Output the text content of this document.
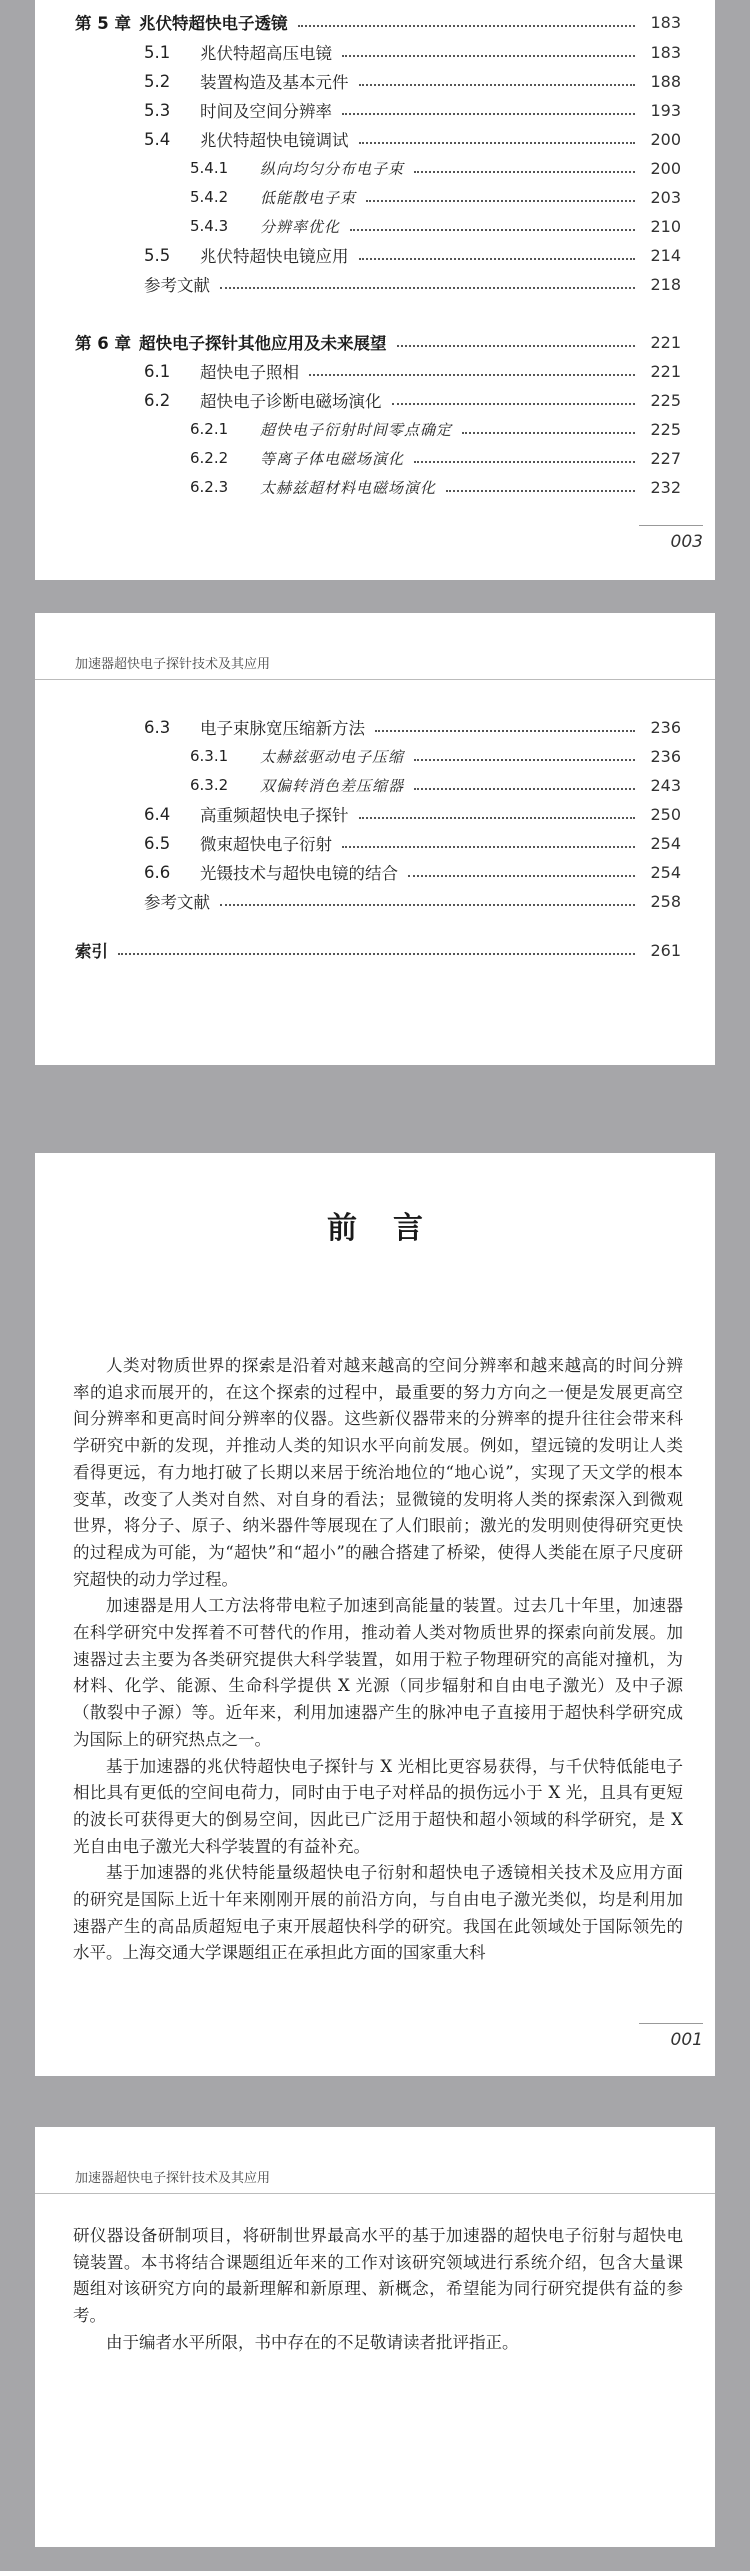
第 5 章 兆伏特超快电子透镜	183
5.1	兆伏特超高压电镜	183
5.2	装置构造及基本元件	188
5.3	时间及空间分辨率	193
5.4	兆伏特超快电镜调试	200
5.4.1	纵向均匀分布电子束	200
5.4.2	低能散电子束	203
5.4.3	分辨率优化	210
5.5	兆伏特超快电镜应用	214
参考文献	218
第 6 章 超快电子探针其他应用及未来展望	221
6.1	超快电子照相	221
6.2	超快电子诊断电磁场演化	225
6.2.1	超快电子衍射时间零点确定	225
6.2.2	等离子体电磁场演化	227
6.2.3	太赫兹超材料电磁场演化	232
003
加速器超快电子探针技术及其应用
6.3	电子束脉宽压缩新方法	236
6.3.1	太赫兹驱动电子压缩	236
6.3.2	双偏转消色差压缩器	243
6.4	高重频超快电子探针	250
6.5	微束超快电子衍射	254
6.6	光镊技术与超快电镜的结合	254
参考文献	258
索引	261
前言

人类对物质世界的探索是沿着对越来越高的空间分辨率和越来越高的时间分辨率的追求而展开的，在这个探索的过程中，最重要的努力方向之一便是发展更高空间分辨率和更高时间分辨率的仪器。这些新仪器带来的分辨率的提升往往会带来科学研究中新的发现，并推动人类的知识水平向前发展。例如，望远镜的发明让人类看得更远，有力地打破了长期以来居于统治地位的“地心说”，实现了天文学的根本变革，改变了人类对自然、对自身的看法；显微镜的发明将人类的探索深入到微观世界，将分子、原子、纳米器件等展现在了人们眼前；激光的发明则使得研究更快的过程成为可能，为“超快”和“超小”的融合搭建了桥梁，使得人类能在原子尺度研究超快的动力学过程。

加速器是用人工方法将带电粒子加速到高能量的装置。过去几十年里，加速器在科学研究中发挥着不可替代的作用，推动着人类对物质世界的探索向前发展。加速器过去主要为各类研究提供大科学装置，如用于粒子物理研究的高能对撞机，为材料、化学、能源、生命科学提供 X 光源（同步辐射和自由电子激光）及中子源（散裂中子源）等。近年来，利用加速器产生的脉冲电子直接用于超快科学研究成为国际上的研究热点之一。

基于加速器的兆伏特超快电子探针与 X 光相比更容易获得，与千伏特低能电子相比具有更低的空间电荷力，同时由于电子对样品的损伤远小于 X 光，且具有更短的波长可获得更大的倒易空间，因此已广泛用于超快和超小领域的科学研究，是 X 光自由电子激光大科学装置的有益补充。

基于加速器的兆伏特能量级超快电子衍射和超快电子透镜相关技术及应用方面的研究是国际上近十年来刚刚开展的前沿方向，与自由电子激光类似，均是利用加速器产生的高品质超短电子束开展超快科学的研究。我国在此领域处于国际领先的水平。上海交通大学课题组正在承担此方面的国家重大科

001
加速器超快电子探针技术及其应用

研仪器设备研制项目，将研制世界最高水平的基于加速器的超快电子衍射与超快电镜装置。本书将结合课题组近年来的工作对该研究领域进行系统介绍，包含大量课题组对该研究方向的最新理解和新原理、新概念，希望能为同行研究提供有益的参考。

由于编者水平所限，书中存在的不足敬请读者批评指正。
